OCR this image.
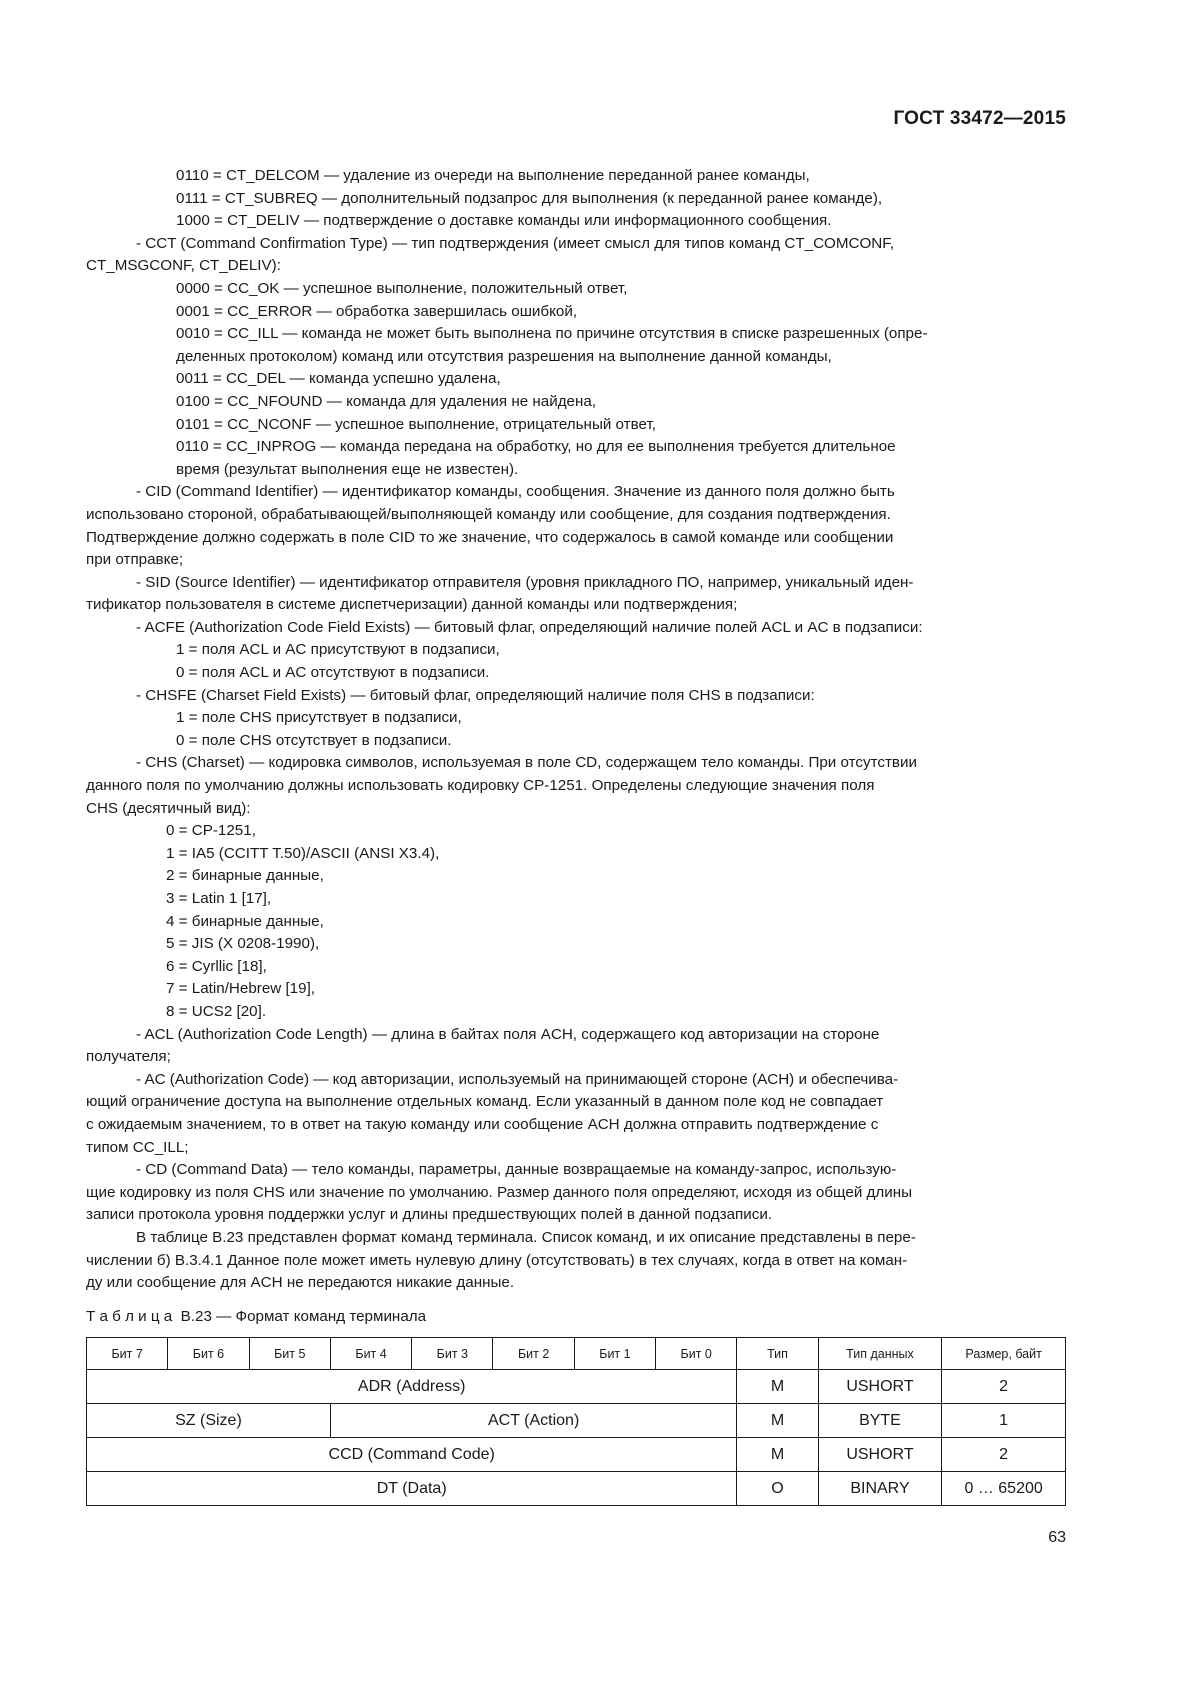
ГОСТ 33472—2015
0110 = CT_DELCOM — удаление из очереди на выполнение переданной ранее команды,
0111 = CT_SUBREQ — дополнительный подзапрос для выполнения (к переданной ранее команде),
1000 = CT_DELIV — подтверждение о доставке команды или информационного сообщения.
- CCT (Command Confirmation Type) — тип подтверждения (имеет смысл для типов команд CT_COMCONF,
CT_MSGCONF, CT_DELIV):
0000 = CC_OK — успешное выполнение, положительный ответ,
0001 = CC_ERROR — обработка завершилась ошибкой,
0010 = CC_ILL — команда не может быть выполнена по причине отсутствия в списке разрешенных (опре-
деленных протоколом) команд или отсутствия разрешения на выполнение данной команды,
0011 = CC_DEL — команда успешно удалена,
0100 = CC_NFOUND — команда для удаления не найдена,
0101 = CC_NCONF — успешное выполнение, отрицательный ответ,
0110 = CC_INPROG — команда передана на обработку, но для ее выполнения требуется длительное
время (результат выполнения еще не известен).
- CID (Command Identifier) — идентификатор команды, сообщения. Значение из данного поля должно быть
использовано стороной, обрабатывающей/выполняющей команду или сообщение, для создания подтверждения.
Подтверждение должно содержать в поле CID то же значение, что содержалось в самой команде или сообщении
при отправке;
- SID (Source Identifier) — идентификатор отправителя (уровня прикладного ПО, например, уникальный иден-
тификатор пользователя в системе диспетчеризации) данной команды или подтверждения;
- ACFE (Authorization Code Field Exists) — битовый флаг, определяющий наличие полей ACL и AC в подзаписи:
1 = поля ACL и AC присутствуют в подзаписи,
0 = поля ACL и AC отсутствуют в подзаписи.
- CHSFE (Charset Field Exists) — битовый флаг, определяющий наличие поля CHS в подзаписи:
1 = поле CHS присутствует в подзаписи,
0 = поле CHS отсутствует в подзаписи.
- CHS (Charset) — кодировка символов, используемая в поле CD, содержащем тело команды. При отсутствии
данного поля по умолчанию должны использовать кодировку CP-1251. Определены следующие значения поля
CHS (десятичный вид):
0 = CP-1251,
1 = IA5 (CCITT T.50)/ASCII (ANSI X3.4),
2 = бинарные данные,
3 = Latin 1 [17],
4 = бинарные данные,
5 = JIS (X 0208-1990),
6 = Cyrllic [18],
7 = Latin/Hebrew [19],
8 = UCS2 [20].
- ACL (Authorization Code Length) — длина в байтах поля ACH, содержащего код авторизации на стороне
получателя;
- AC (Authorization Code) — код авторизации, используемый на принимающей стороне (ACH) и обеспечива-
ющий ограничение доступа на выполнение отдельных команд. Если указанный в данном поле код не совпадает
с ожидаемым значением, то в ответ на такую команду или сообщение ACH должна отправить подтверждение с
типом CC_ILL;
- CD (Command Data) — тело команды, параметры, данные возвращаемые на команду-запрос, использую-
щие кодировку из поля CHS или значение по умолчанию. Размер данного поля определяют, исходя из общей длины
записи протокола уровня поддержки услуг и длины предшествующих полей в данной подзаписи.
В таблице В.23 представлен формат команд терминала. Список команд, и их описание представлены в пере-
числении б) В.3.4.1 Данное поле может иметь нулевую длину (отсутствовать) в тех случаях, когда в ответ на коман-
ду или сообщение для ACH не передаются никакие данные.
Т а б л и ц а  В.23 — Формат команд терминала
Бит 7	Бит 6	Бит 5	Бит 4	Бит 3	Бит 2	Бит 1	Бит 0	Тип	Тип данных	Размер, байт
ADR (Address)								M	USHORT	2
SZ (Size)			ACT (Action)					M	BYTE	1
CCD (Command Code)								M	USHORT	2
DT (Data)								O	BINARY	0 … 65200
63
